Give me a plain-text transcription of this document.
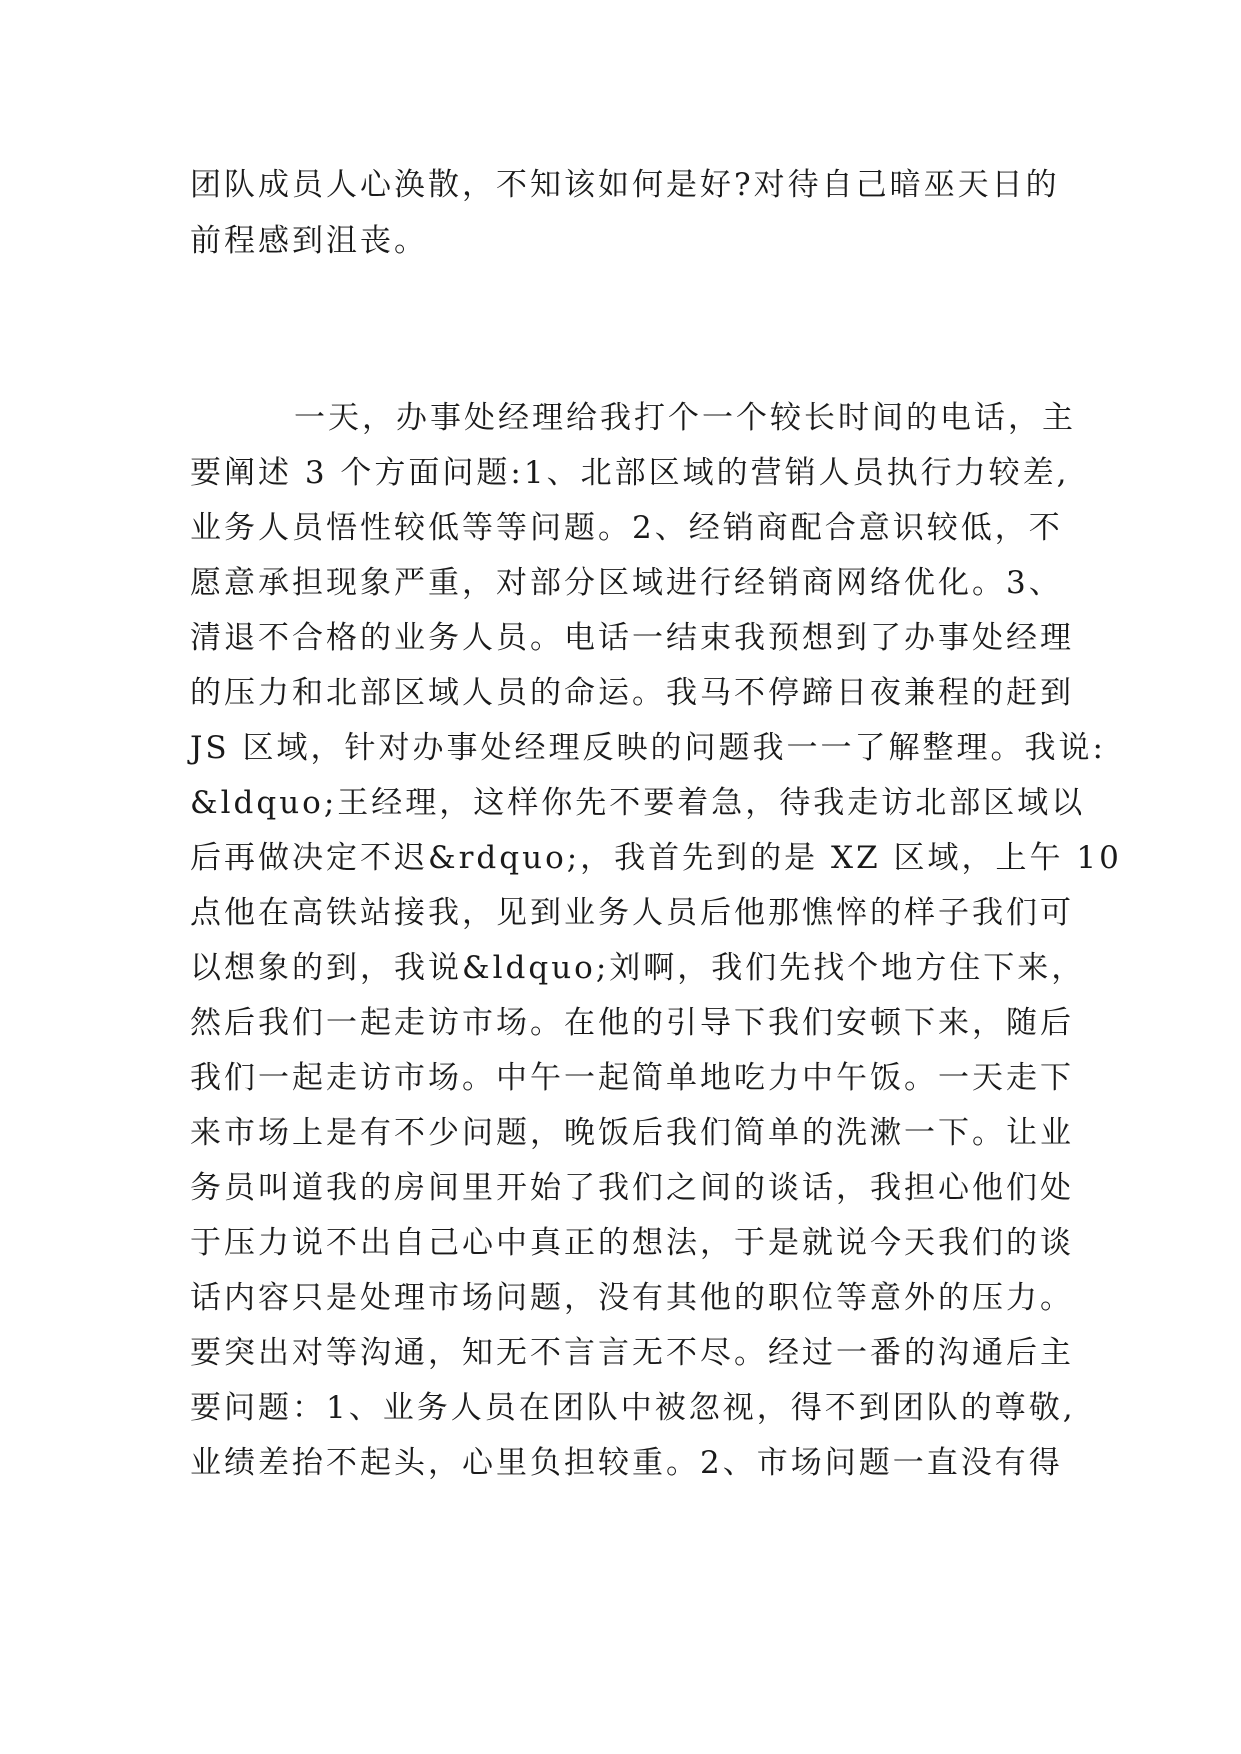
团队成员人心涣散，不知该如何是好?对待自己暗巫天日的
前程感到沮丧。
一天，办事处经理给我打个一个较长时间的电话，主
要阐述 3 个方面问题:1、北部区域的营销人员执行力较差,
业务人员悟性较低等等问题。2、经销商配合意识较低，不
愿意承担现象严重，对部分区域进行经销商网络优化。3、
清退不合格的业务人员。电话一结束我预想到了办事处经理
的压力和北部区域人员的命运。我马不停蹄日夜兼程的赶到
JS 区域，针对办事处经理反映的问题我一一了解整理。我说:
&ldquo;王经理，这样你先不要着急，待我走访北部区域以
后再做决定不迟&rdquo;，我首先到的是 XZ 区域，上午 10
点他在高铁站接我，见到业务人员后他那憔悴的样子我们可
以想象的到，我说&ldquo;刘啊，我们先找个地方住下来，
然后我们一起走访市场。在他的引导下我们安顿下来，随后
我们一起走访市场。中午一起简单地吃力中午饭。一天走下
来市场上是有不少问题，晚饭后我们简单的洗漱一下。让业
务员叫道我的房间里开始了我们之间的谈话，我担心他们处
于压力说不出自己心中真正的想法，于是就说今天我们的谈
话内容只是处理市场问题，没有其他的职位等意外的压力。
要突出对等沟通，知无不言言无不尽。经过一番的沟通后主
要问题：1、业务人员在团队中被忽视，得不到团队的尊敬,
业绩差抬不起头，心里负担较重。2、市场问题一直没有得
